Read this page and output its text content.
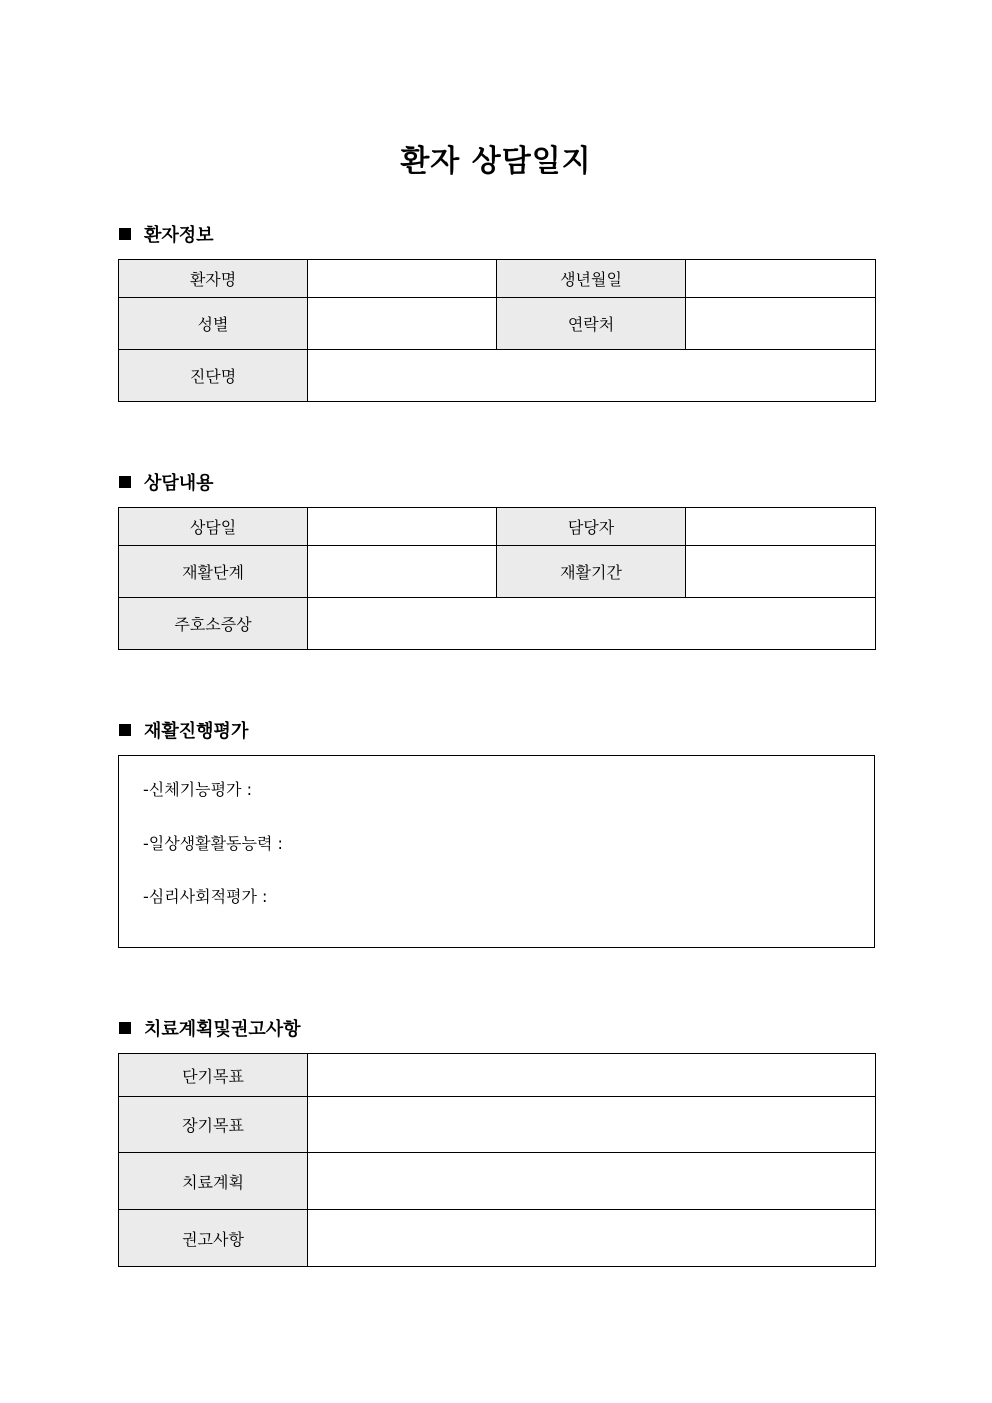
환자 상담일지
환자정보
환자명		생년월일	
성별		연락처	
진단명			
상담내용
상담일		담당자	
재활단계		재활기간	
주호소증상			
재활진행평가
-신체기능평가 :
-일상생활활동능력 :
-심리사회적평가 :
치료계획및권고사항
단기목표	
장기목표	
치료계획	
권고사항	
